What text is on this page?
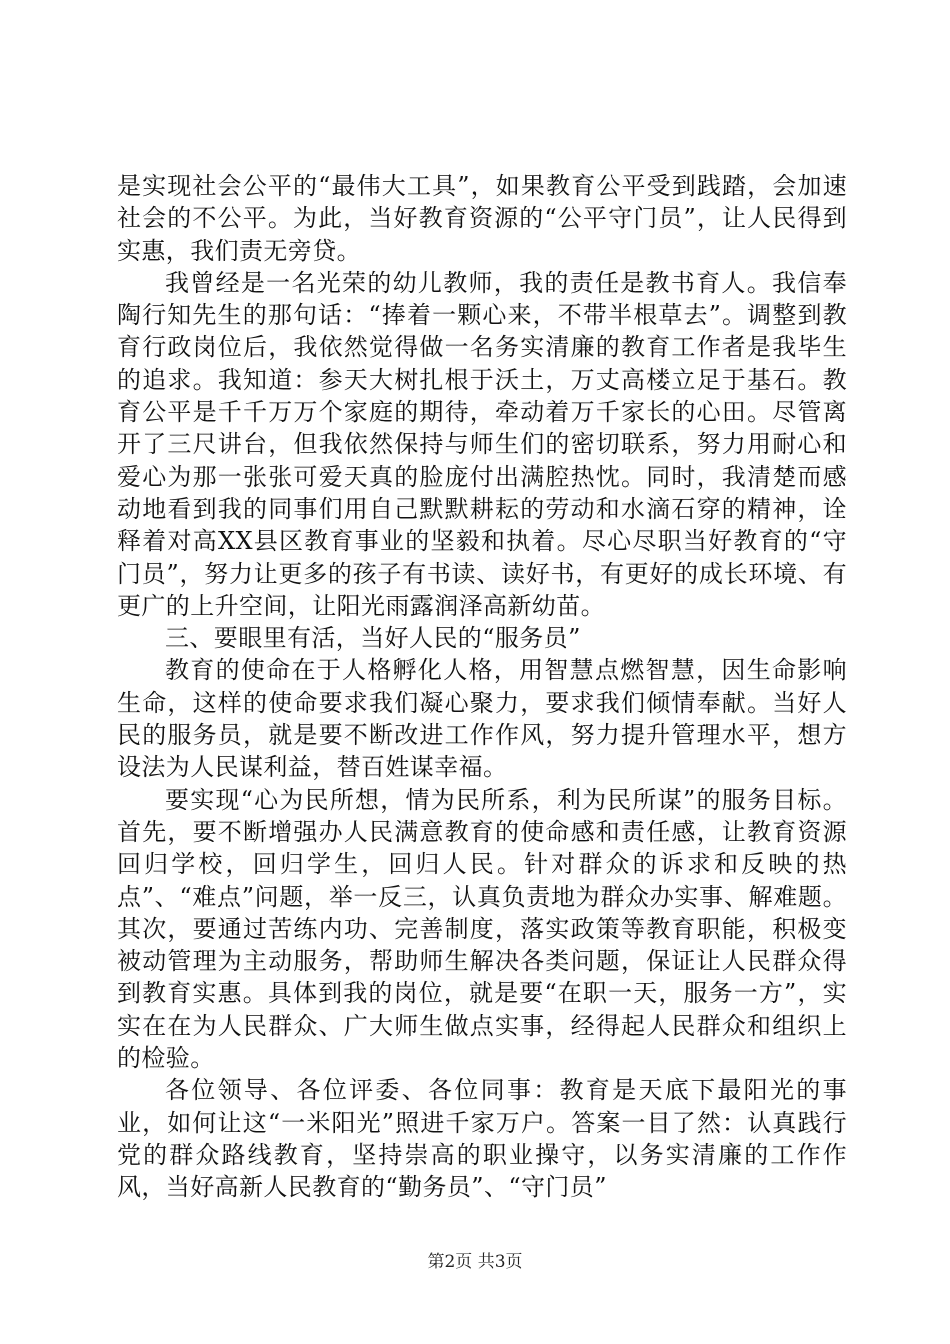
是实现社会公平的“最伟大工具”，如果教育公平受到践踏，会加速社会的不公平。为此，当好教育资源的“公平守门员”，让人民得到实惠，我们责无旁贷。

我曾经是一名光荣的幼儿教师，我的责任是教书育人。我信奉陶行知先生的那句话：“捧着一颗心来，不带半根草去”。调整到教育行政岗位后，我依然觉得做一名务实清廉的教育工作者是我毕生的追求。我知道：参天大树扎根于沃土，万丈高楼立足于基石。教育公平是千千万万个家庭的期待，牵动着万千家长的心田。尽管离开了三尺讲台，但我依然保持与师生们的密切联系，努力用耐心和爱心为那一张张可爱天真的脸庞付出满腔热忱。同时，我清楚而感动地看到我的同事们用自己默默耕耘的劳动和水滴石穿的精神，诠释着对高XX县区教育事业的坚毅和执着。尽心尽职当好教育的“守门员”，努力让更多的孩子有书读、读好书，有更好的成长环境、有更广的上升空间，让阳光雨露润泽高新幼苗。

三、要眼里有活，当好人民的“服务员”

教育的使命在于人格孵化人格，用智慧点燃智慧，因生命影响生命，这样的使命要求我们凝心聚力，要求我们倾情奉献。当好人民的服务员，就是要不断改进工作作风，努力提升管理水平，想方设法为人民谋利益，替百姓谋幸福。

要实现“心为民所想，情为民所系，利为民所谋”的服务目标。首先，要不断增强办人民满意教育的使命感和责任感，让教育资源回归学校，回归学生，回归人民。针对群众的诉求和反映的热点”、“难点”问题，举一反三，认真负责地为群众办实事、解难题。其次，要通过苦练内功、完善制度，落实政策等教育职能，积极变被动管理为主动服务，帮助师生解决各类问题，保证让人民群众得到教育实惠。具体到我的岗位，就是要“在职一天，服务一方”，实实在在为人民群众、广大师生做点实事，经得起人民群众和组织上的检验。

各位领导、各位评委、各位同事：教育是天底下最阳光的事业，如何让这“一米阳光”照进千家万户。答案一目了然：认真践行党的群众路线教育，坚持崇高的职业操守，以务实清廉的工作作风，当好高新人民教育的“勤务员”、“守门员”

第2页 共3页
